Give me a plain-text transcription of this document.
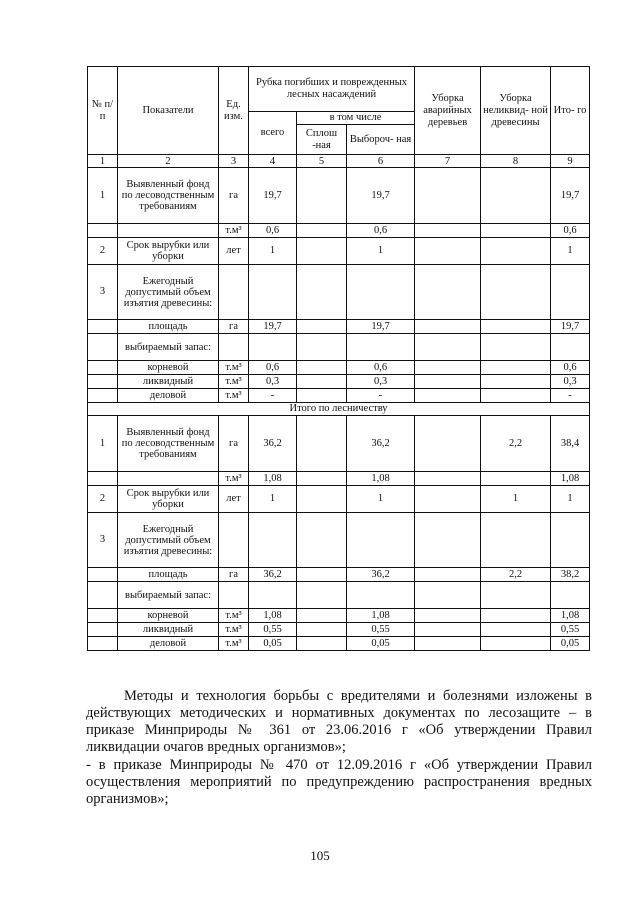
№ п/п	Показатели	Ед. изм.	Рубка погибших и поврежденных лесных насаждений			Уборка аварийных деревьев	Уборка неликвид- ной древесины	Ито- го
			всего	в том числе				
				Сплош -ная	Выбороч- ная			
1	2	3	4	5	6	7	8	9
1	Выявленный фонд по лесоводственным требованиям	га	19,7		19,7			19,7
		т.м³	0,6		0,6			0,6
2	Срок вырубки или уборки	лет	1		1			1
3	Ежегодный допустимый объем изъятия древесины:							
	площадь	га	19,7		19,7			19,7
	выбираемый запас:							
	корневой	т.м³	0,6		0,6			0,6
	ликвидный	т.м³	0,3		0,3			0,3
	деловой	т.м³	-		-			-
Итого по лесничеству								
1	Выявленный фонд по лесоводственным требованиям	га	36,2		36,2		2,2	38,4
		т.м³	1,08		1,08			1,08
2	Срок вырубки или уборки	лет	1		1		1	1
3	Ежегодный допустимый объем изъятия древесины:							
	площадь	га	36,2		36,2		2,2	38,2
	выбираемый запас:							
	корневой	т.м³	1,08		1,08			1,08
	ликвидный	т.м³	0,55		0,55			0,55
	деловой	т.м³	0,05		0,05			0,05

Методы и технология борьбы с вредителями и болезнями изложены в действующих методических и нормативных документах по лесозащите – в приказе Минприроды № 361 от 23.06.2016 г «Об утверждении Правил ликвидации очагов вредных организмов»;

- в приказе Минприроды № 470 от 12.09.2016 г «Об утверждении Правил осуществления мероприятий по предупреждению распространения вредных организмов»;

105
